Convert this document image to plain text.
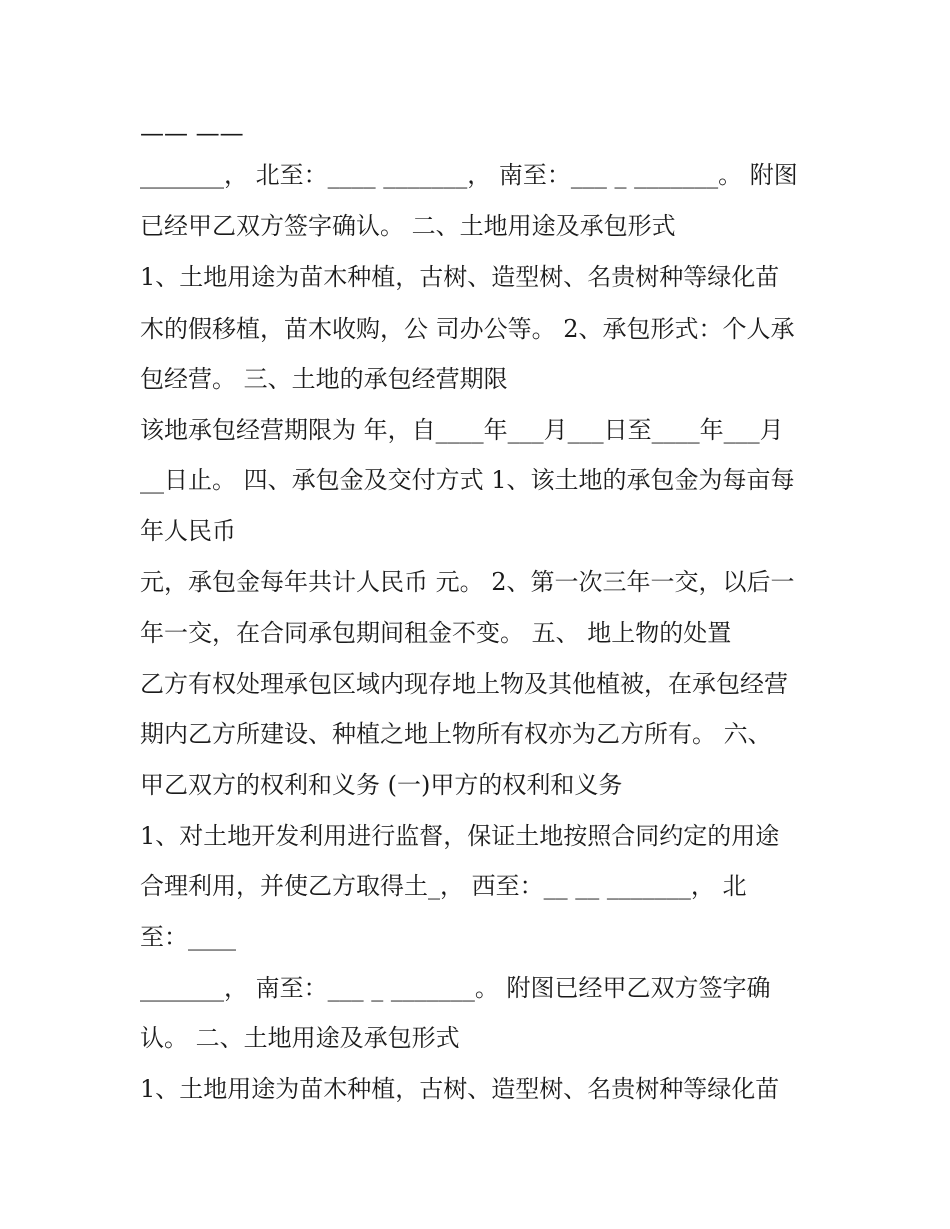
—— ——

_______， 北至：____ _______， 南至：___ _ _______。 附图

已经甲乙双方签字确认。 二、土地用途及承包形式

1、土地用途为苗木种植，古树、造型树、名贵树种等绿化苗

木的假移植，苗木收购，公 司办公等。 2、承包形式：个人承

包经营。 三、土地的承包经营期限

该地承包经营期限为 年，自____年___月___日至____年___月

__日止。 四、承包金及交付方式 1、该土地的承包金为每亩每

年人民币

元，承包金每年共计人民币 元。 2、第一次三年一交，以后一

年一交，在合同承包期间租金不变。 五、 地上物的处置

乙方有权处理承包区域内现存地上物及其他植被，在承包经营

期内乙方所建设、种植之地上物所有权亦为乙方所有。 六、

甲乙双方的权利和义务 (一)甲方的权利和义务

1、对土地开发利用进行监督，保证土地按照合同约定的用途

合理利用，并使乙方取得土_， 西至：__ __ _______， 北

至：____

_______， 南至：___ _ _______。 附图已经甲乙双方签字确

认。 二、土地用途及承包形式

1、土地用途为苗木种植，古树、造型树、名贵树种等绿化苗
